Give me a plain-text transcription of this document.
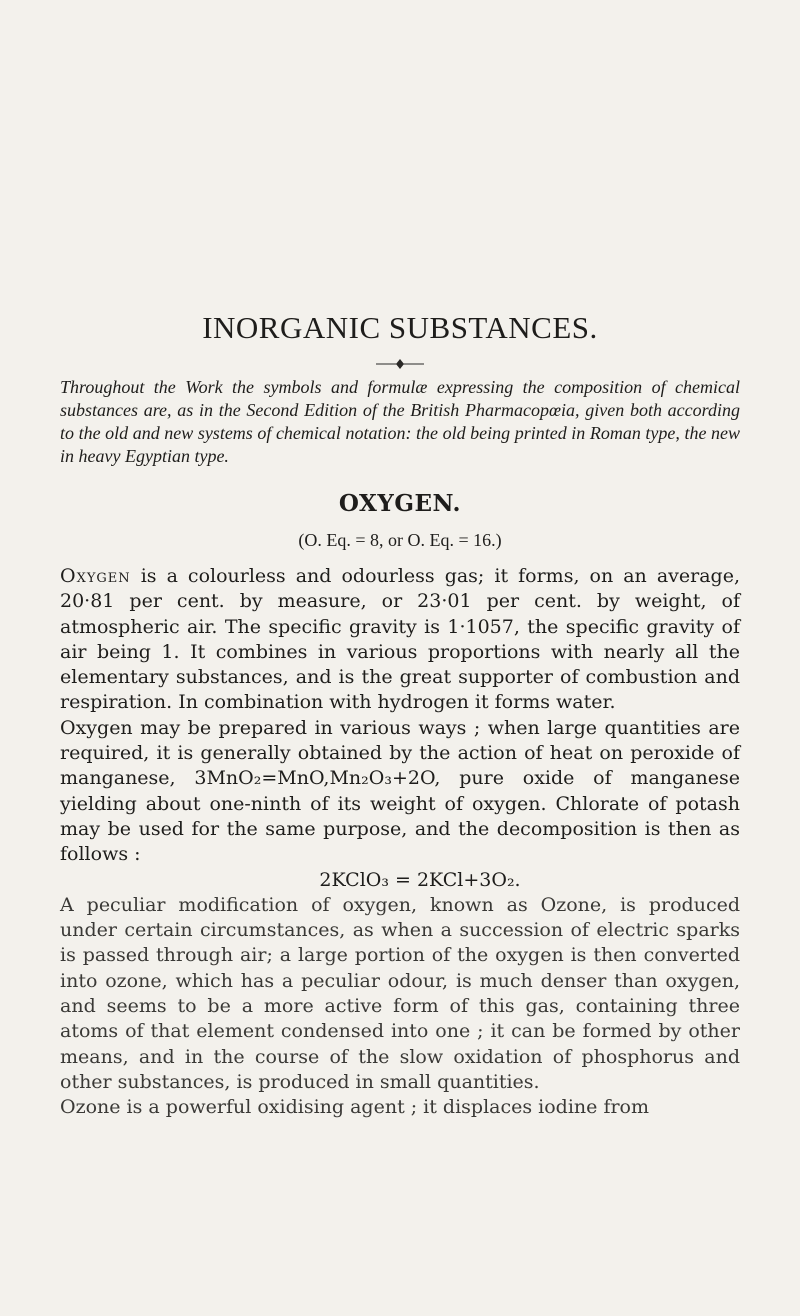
INORGANIC SUBSTANCES.

Throughout the Work the symbols and formulæ expressing the composition of chemical substances are, as in the Second Edition of the British Pharmacopœia, given both according to the old and new systems of chemical notation: the old being printed in Roman type, the new in heavy Egyptian type.

OXYGEN.

(O. Eq. = 8, or O. Eq. = 16.)

Oxygen is a colourless and odourless gas; it forms, on an average, 20·81 per cent. by measure, or 23·01 per cent. by weight, of atmospheric air. The specific gravity is 1·1057, the specific gravity of air being 1. It combines in various proportions with nearly all the elementary substances, and is the great supporter of combustion and respiration. In combination with hydrogen it forms water.

Oxygen may be prepared in various ways ; when large quantities are required, it is generally obtained by the action of heat on peroxide of manganese, 3MnO₂=MnO,Mn₂O₃+2O, pure oxide of manganese yielding about one-ninth of its weight of oxygen. Chlorate of potash may be used for the same purpose, and the decomposition is then as follows :

2KClO₃ = 2KCl+3O₂.

A peculiar modification of oxygen, known as Ozone, is produced under certain circumstances, as when a succession of electric sparks is passed through air; a large portion of the oxygen is then converted into ozone, which has a peculiar odour, is much denser than oxygen, and seems to be a more active form of this gas, containing three atoms of that element condensed into one ; it can be formed by other means, and in the course of the slow oxidation of phosphorus and other substances, is produced in small quantities.

Ozone is a powerful oxidising agent ; it displaces iodine from
